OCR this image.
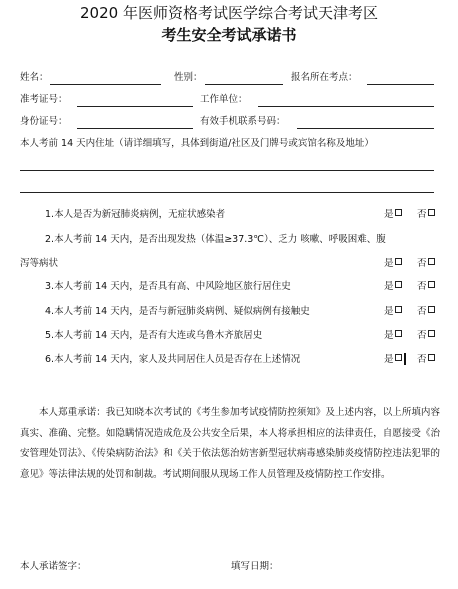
2020 年医师资格考试医学综合考试天津考区
考生安全考试承诺书
姓名：	性别：	报名所在考点：
准考证号：	工作单位：
身份证号：	有效手机联系号码：
本人考前 14 天内住址（请详细填写，具体到街道/社区及门牌号或宾馆名称及地址）
1.本人是否为新冠肺炎病例，无症状感染者	是	否
2.本人考前 14 天内，是否出现发热（体温≥37.3℃）、乏力 咳嗽、呼吸困难、腹
泻等病状	是	否
3.本人考前 14 天内，是否具有高、中风险地区旅行居住史	是	否
4.本人考前 14 天内，是否与新冠肺炎病例、疑似病例有接触史	是	否
5.本人考前 14 天内，是否有大连或乌鲁木齐旅居史	是	否
6.本人考前 14 天内，家人及共同居住人员是否存在上述情况	是	否
本人郑重承诺：我已知晓本次考试的《考生参加考试疫情防控须知》及上述内容，以上所填内容真实、准确、完整。如隐瞒情况造成危及公共安全后果，本人将承担相应的法律责任，自愿接受《治安管理处罚法》、《传染病防治法》和《关于依法惩治妨害新型冠状病毒感染肺炎疫情防控违法犯罪的意见》等法律法规的处罚和制裁。考试期间服从现场工作人员管理及疫情防控工作安排。
本人承诺签字：	填写日期：
